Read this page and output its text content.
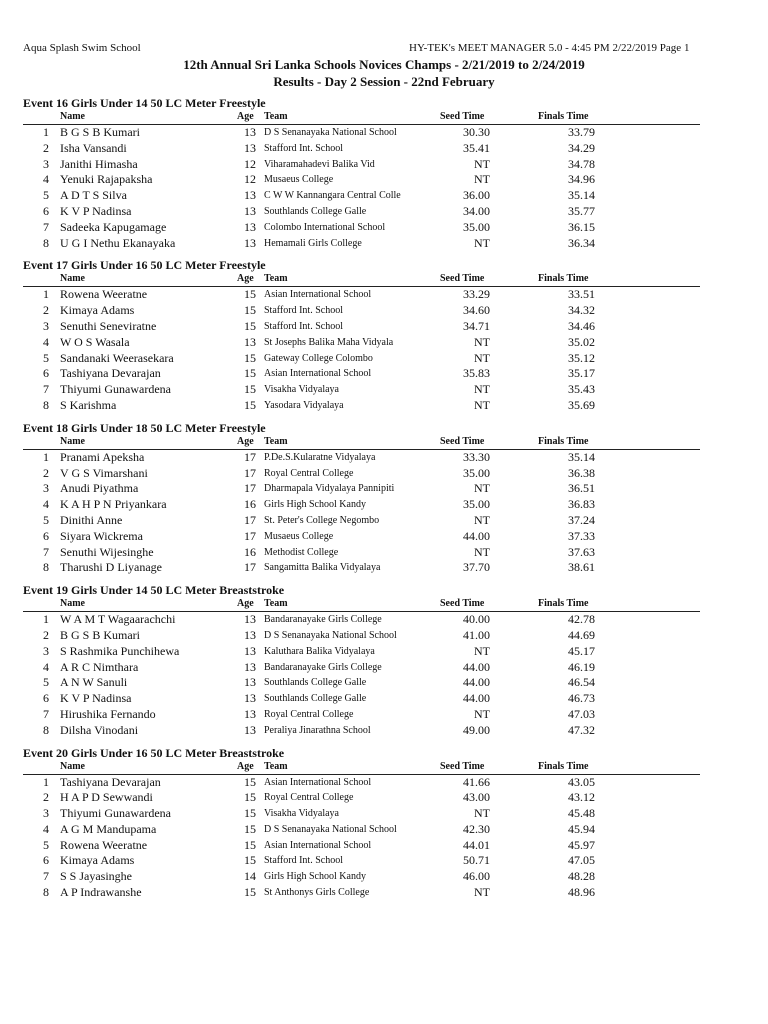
Aqua Splash Swim School	HY-TEK's MEET MANAGER 5.0 - 4:45 PM 2/22/2019 Page 1
12th Annual Sri Lanka Schools Novices Champs - 2/21/2019 to 2/24/2019
Results - Day 2 Session - 22nd February
Event 16 Girls Under 14 50 LC Meter Freestyle
Name	Age Team	Seed Time	Finals Time
1 B G S B Kumari	13 D S Senanayaka National School	30.30	33.79
2 Isha Vansandi	13 Stafford Int. School	35.41	34.29
3 Janithi Himasha	12 Viharamahadevi Balika Vid	NT	34.78
4 Yenuki Rajapaksha	12 Musaeus College	NT	34.96
5 A D T S Silva	13 C W W Kannangara Central Colle	36.00	35.14
6 K V P Nadinsa	13 Southlands College Galle	34.00	35.77
7 Sadeeka Kapugamage	13 Colombo International School	35.00	36.15
8 U G I Nethu Ekanayaka	13 Hemamali Girls College	NT	36.34
Event 17 Girls Under 16 50 LC Meter Freestyle
Name	Age Team	Seed Time	Finals Time
1 Rowena Weeratne	15 Asian International School	33.29	33.51
2 Kimaya Adams	15 Stafford Int. School	34.60	34.32
3 Senuthi Seneviratne	15 Stafford Int. School	34.71	34.46
4 W O S Wasala	13 St Josephs Balika Maha Vidyala	NT	35.02
5 Sandanaki Weerasekara	15 Gateway College Colombo	NT	35.12
6 Tashiyana Devarajan	15 Asian International School	35.83	35.17
7 Thiyumi Gunawardena	15 Visakha Vidyalaya	NT	35.43
8 S Karishma	15 Yasodara Vidyalaya	NT	35.69
Event 18 Girls Under 18 50 LC Meter Freestyle
Name	Age Team	Seed Time	Finals Time
1 Pranami Apeksha	17 P.De.S.Kularatne Vidyalaya	33.30	35.14
2 V G S Vimarshani	17 Royal Central College	35.00	36.38
3 Anudi Piyathma	17 Dharmapala Vidyalaya Pannipiti	NT	36.51
4 K A H P N Priyankara	16 Girls High School Kandy	35.00	36.83
5 Dinithi Anne	17 St. Peter's College Negombo	NT	37.24
6 Siyara Wickrema	17 Musaeus College	44.00	37.33
7 Senuthi Wijesinghe	16 Methodist College	NT	37.63
8 Tharushi D Liyanage	17 Sangamitta Balika Vidyalaya	37.70	38.61
Event 19 Girls Under 14 50 LC Meter Breaststroke
Name	Age Team	Seed Time	Finals Time
1 W A M T Wagaarachchi	13 Bandaranayake Girls College	40.00	42.78
2 B G S B Kumari	13 D S Senanayaka National School	41.00	44.69
3 S Rashmika Punchihewa	13 Kaluthara Balika Vidyalaya	NT	45.17
4 A R C Nimthara	13 Bandaranayake Girls College	44.00	46.19
5 A N W Sanuli	13 Southlands College Galle	44.00	46.54
6 K V P Nadinsa	13 Southlands College Galle	44.00	46.73
7 Hirushika Fernando	13 Royal Central College	NT	47.03
8 Dilsha Vinodani	13 Peraliya Jinarathna School	49.00	47.32
Event 20 Girls Under 16 50 LC Meter Breaststroke
Name	Age Team	Seed Time	Finals Time
1 Tashiyana Devarajan	15 Asian International School	41.66	43.05
2 H A P D Sewwandi	15 Royal Central College	43.00	43.12
3 Thiyumi Gunawardena	15 Visakha Vidyalaya	NT	45.48
4 A G M Mandupama	15 D S Senanayaka National School	42.30	45.94
5 Rowena Weeratne	15 Asian International School	44.01	45.97
6 Kimaya Adams	15 Stafford Int. School	50.71	47.05
7 S S Jayasinghe	14 Girls High School Kandy	46.00	48.28
8 A P Indrawanshe	15 St Anthonys Girls College	NT	48.96
